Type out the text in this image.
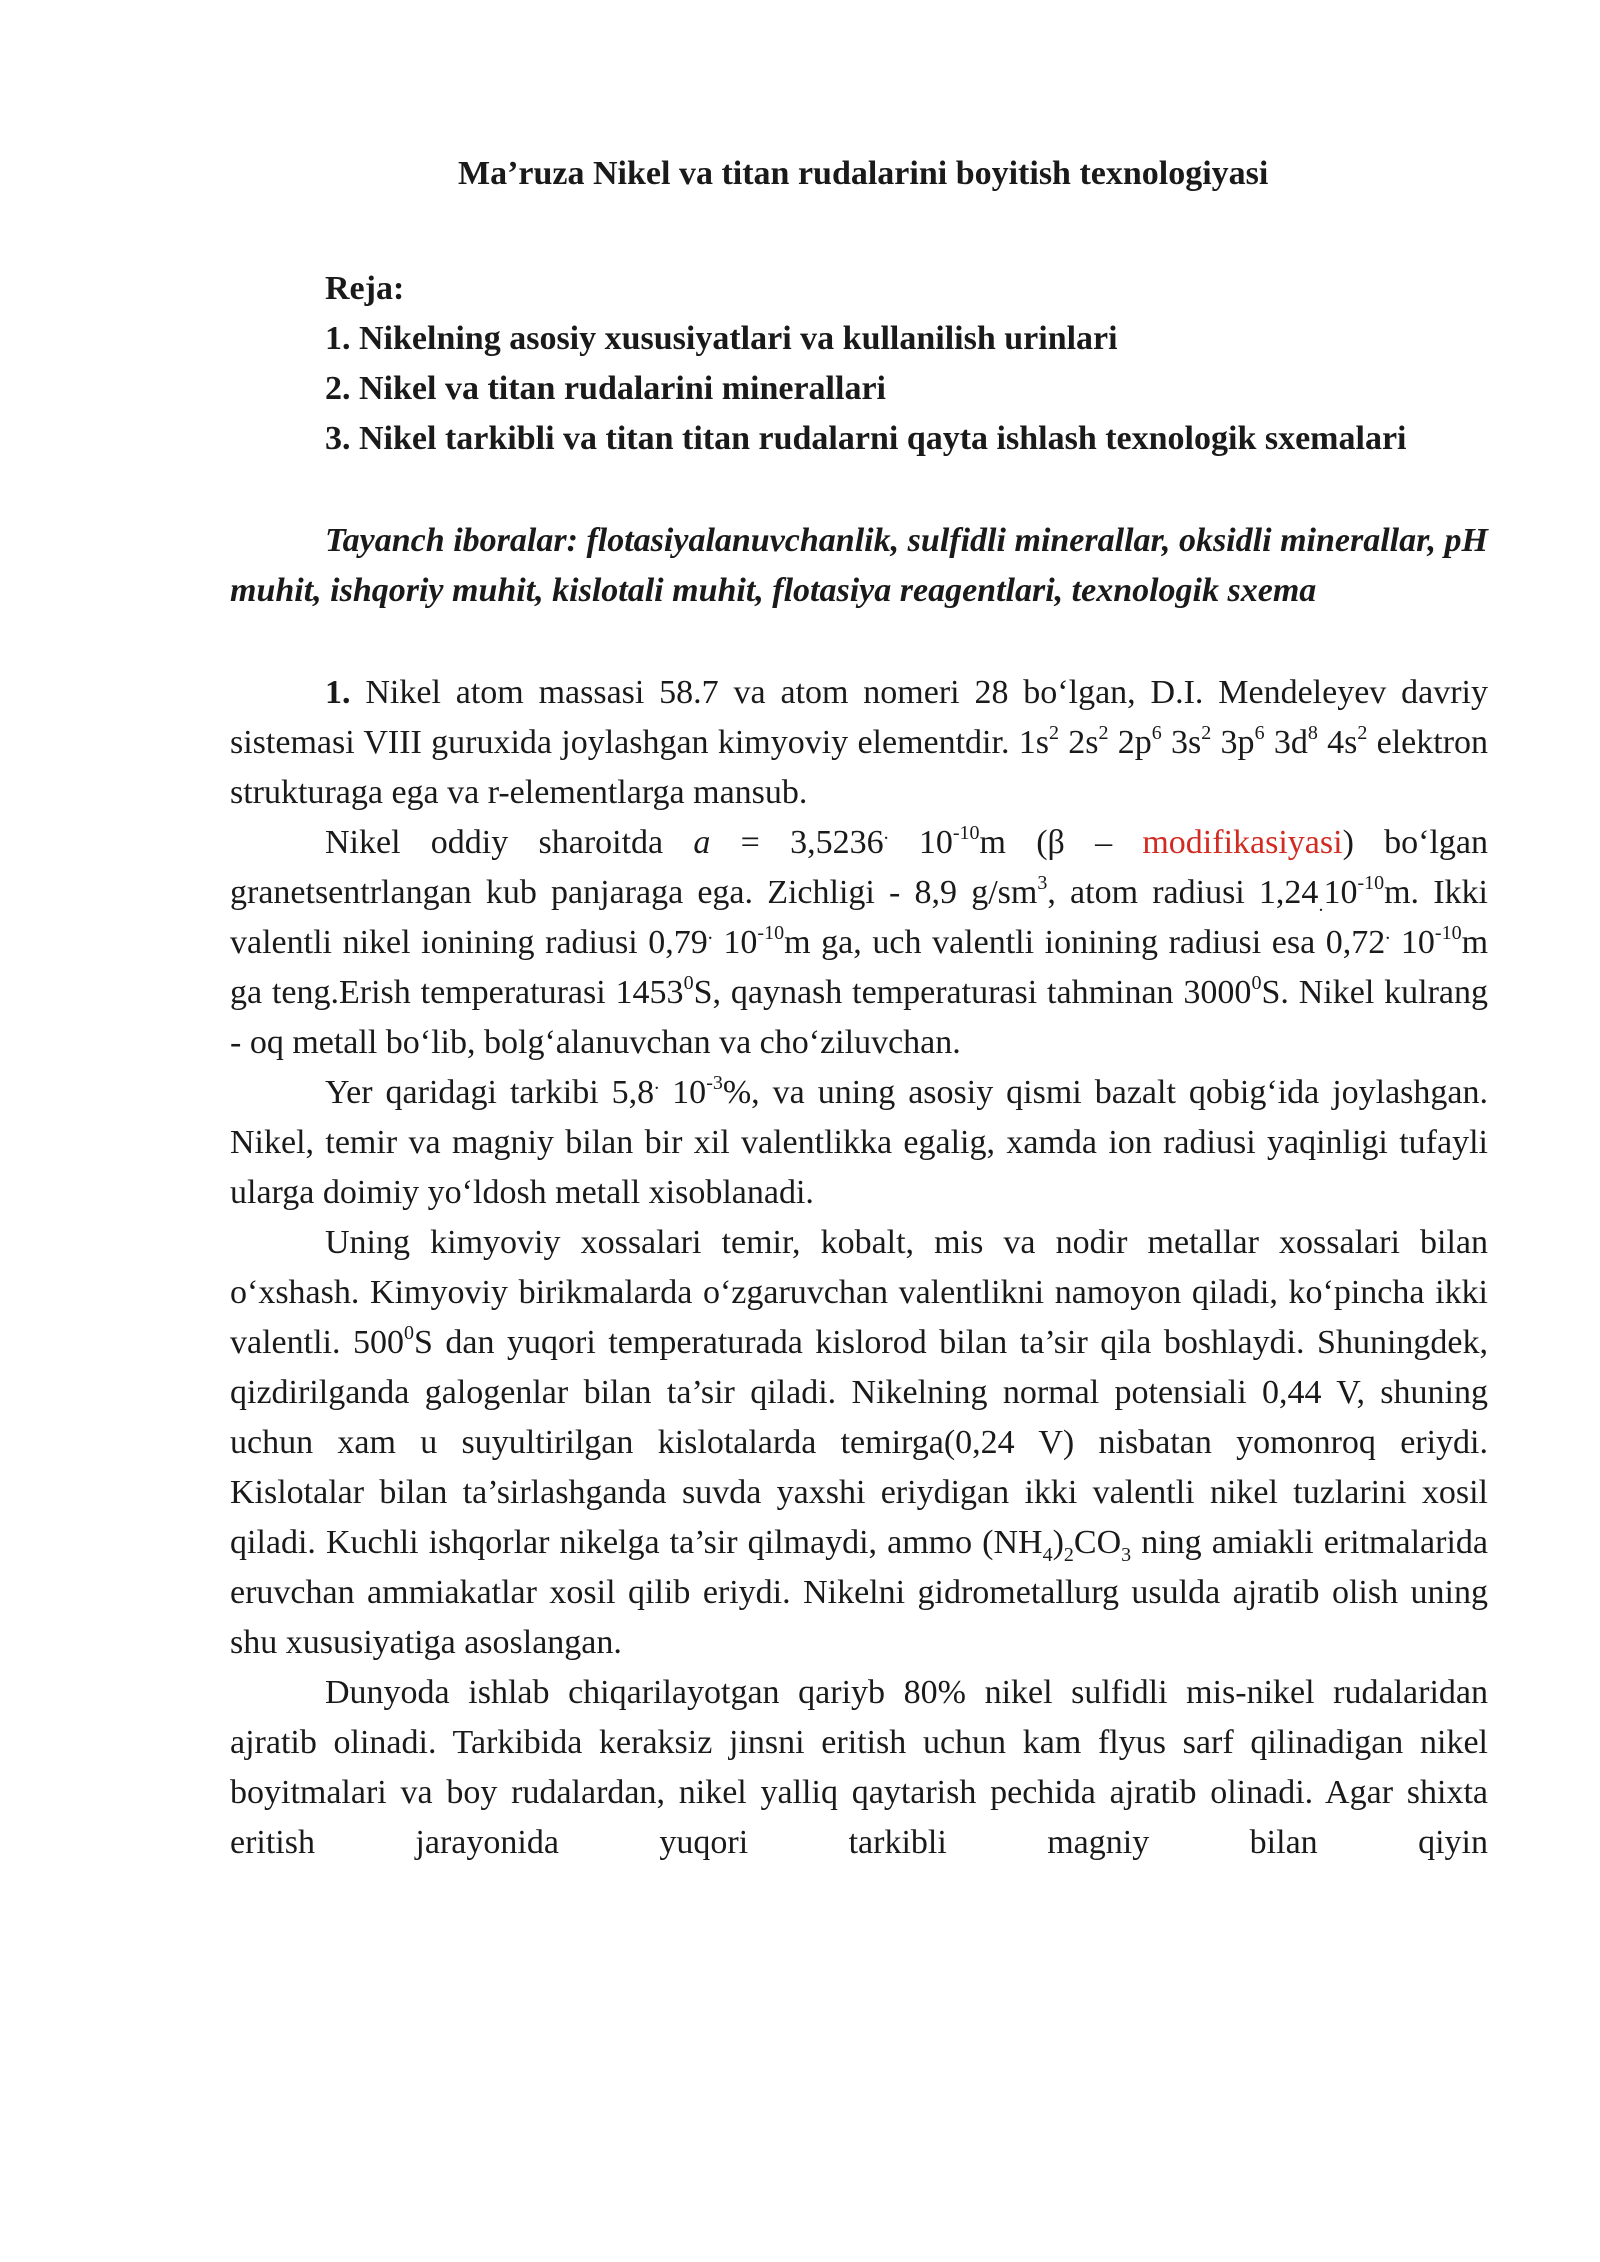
Ma’ruza Nikel va titan rudalarini boyitish texnologiyasi
Reja:
1. Nikelning asosiy xususiyatlari va kullanilish urinlari
2. Nikel va titan rudalarini minerallari
3. Nikel tarkibli va titan titan rudalarni qayta ishlash texnologik sxemalari
Tayanch iboralar: flotasiyalanuvchanlik, sulfidli minerallar, oksidli minerallar, pH muhit, ishqoriy muhit, kislotali muhit, flotasiya reagentlari, texnologik sxema
1. Nikel atom massasi 58.7 va atom nomeri 28 bo‘lgan, D.I. Mendeleyev davriy sistemasi VIII guruxida joylashgan kimyoviy elementdir. $1s^2$ $2s^2$ $2p^6$ $3s^2$ $3p^6$ $3d^8$ $4s^2$ elektron strukturaga ega va r-elementlarga mansub.
Nikel oddiy sharoitda a = 3,5236. $10^{-10}m$ (β – modifikasiyasi) bo‘lgan granetsentrlangan kub panjaraga ega. Zichligi - 8,9 $g/sm^3$, atom radiusi $1,24_.10^{-10}m$. Ikki valentli nikel ionining radiusi 0,79. $10^{-10}m$ ga, uch valentli ionining radiusi esa 0,72. $10^{-10}m$ ga teng.Erish temperaturasi 1453$^0$S, qaynash temperaturasi tahminan 3000$^0$S. Nikel kulrang - oq metall bo‘lib, bolg‘alanuvchan va cho‘ziluvchan.
Yer qaridagi tarkibi 5,8. $10^{-3}\%$, va uning asosiy qismi bazalt qobig‘ida joylashgan. Nikel, temir va magniy bilan bir xil valentlikka egalig, xamda ion radiusi yaqinligi tufayli ularga doimiy yo‘ldosh metall xisoblanadi.
Uning kimyoviy xossalari temir, kobalt, mis va nodir metallar xossalari bilan o‘xshash. Kimyoviy birikmalarda o‘zgaruvchan valentlikni namoyon qiladi, ko‘pincha ikki valentli. $500^0S$ dan yuqori temperaturada kislorod bilan ta’sir qila boshlaydi. Shuningdek, qizdirilganda galogenlar bilan ta’sir qiladi. Nikelning normal potensiali 0,44 V, shuning uchun xam u suyultirilgan kislotalarda temirga(0,24 V) nisbatan yomonroq eriydi. Kislotalar bilan ta’sirlashganda suvda yaxshi eriydigan ikki valentli nikel tuzlarini xosil qiladi. Kuchli ishqorlar nikelga ta’sir qilmaydi, ammo $(NH_4)_2CO_3$ ning amiakli eritmalarida eruvchan ammiakatlar xosil qilib eriydi. Nikelni gidrometallurg usulda ajratib olish uning shu xususiyatiga asoslangan.
Dunyoda ishlab chiqarilayotgan qariyb 80% nikel sulfidli mis-nikel rudalaridan ajratib olinadi. Tarkibida keraksiz jinsni eritish uchun kam flyus sarf qilinadigan nikel boyitmalari va boy rudalardan, nikel yalliq qaytarish pechida ajratib olinadi. Agar shixta eritish jarayonida yuqori tarkibli magniy bilan qiyin
